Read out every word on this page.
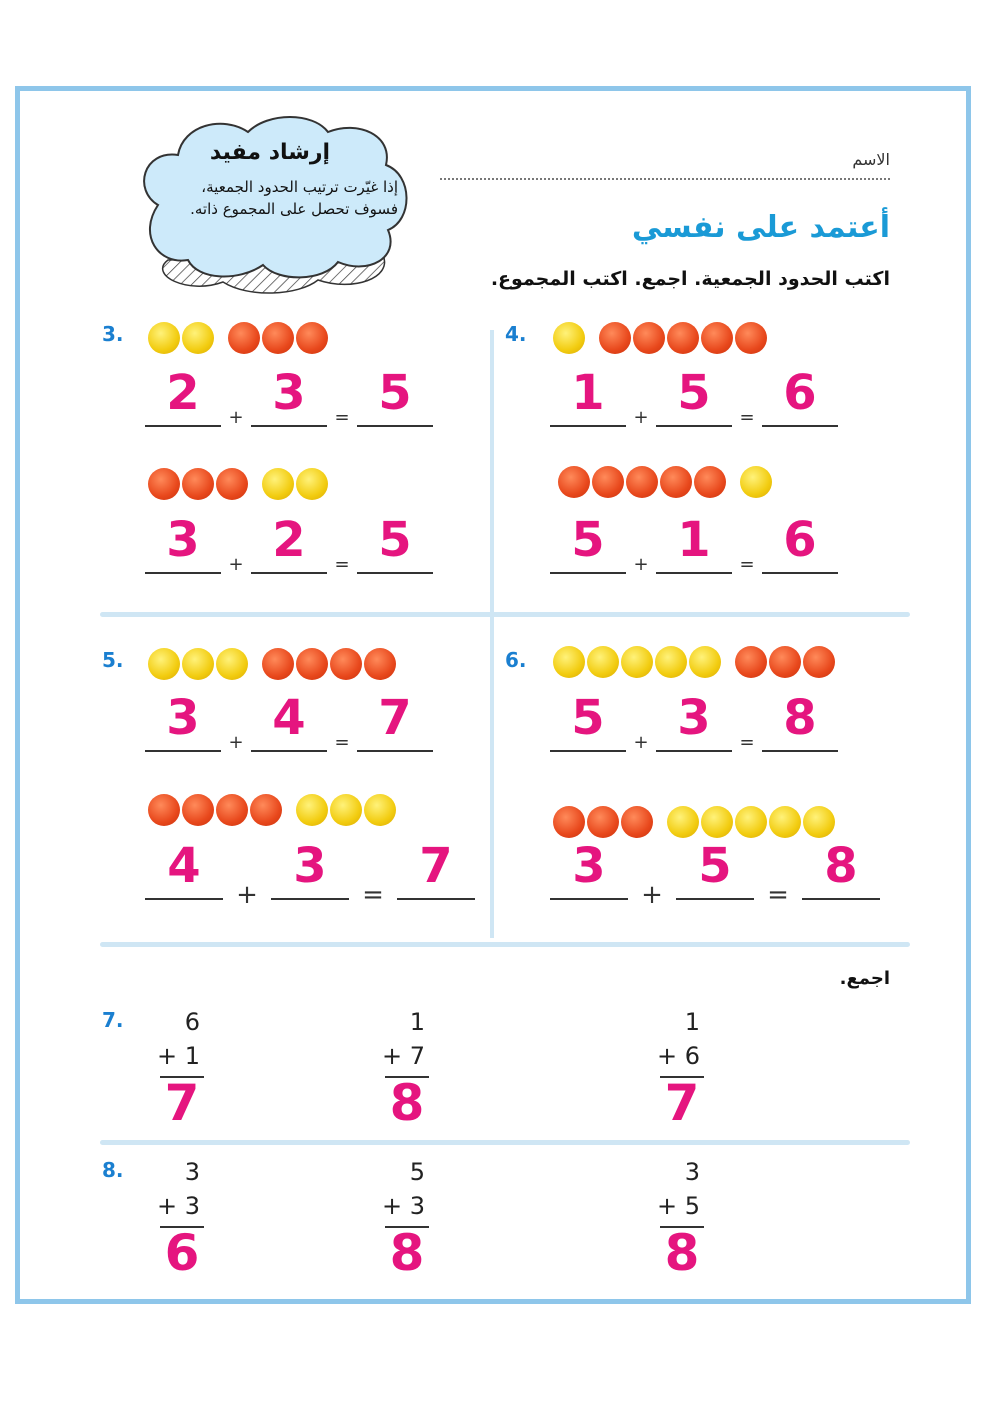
إرشاد مفيد
إذا غيّرت ترتيب الحدود الجمعية، فسوف تحصل على المجموع ذاته.
الاسم
أعتمد على نفسي
اكتب الحدود الجمعية. اجمع. اكتب المجموع.
3.
2	3	5
+	=
3	2	5
+	=
4.
1	5	6
+	=
5	1	6
+	=
5.
3	4	7
+	=
4	3	7
+	=
6.
5	3	8
+	=
3	5	8
+	=
اجمع.
7.	6
+ 1
7
1
+ 7
8
1
+ 6
7
8.	3
+ 3
6
5
+ 3
8
3
+ 5
8
